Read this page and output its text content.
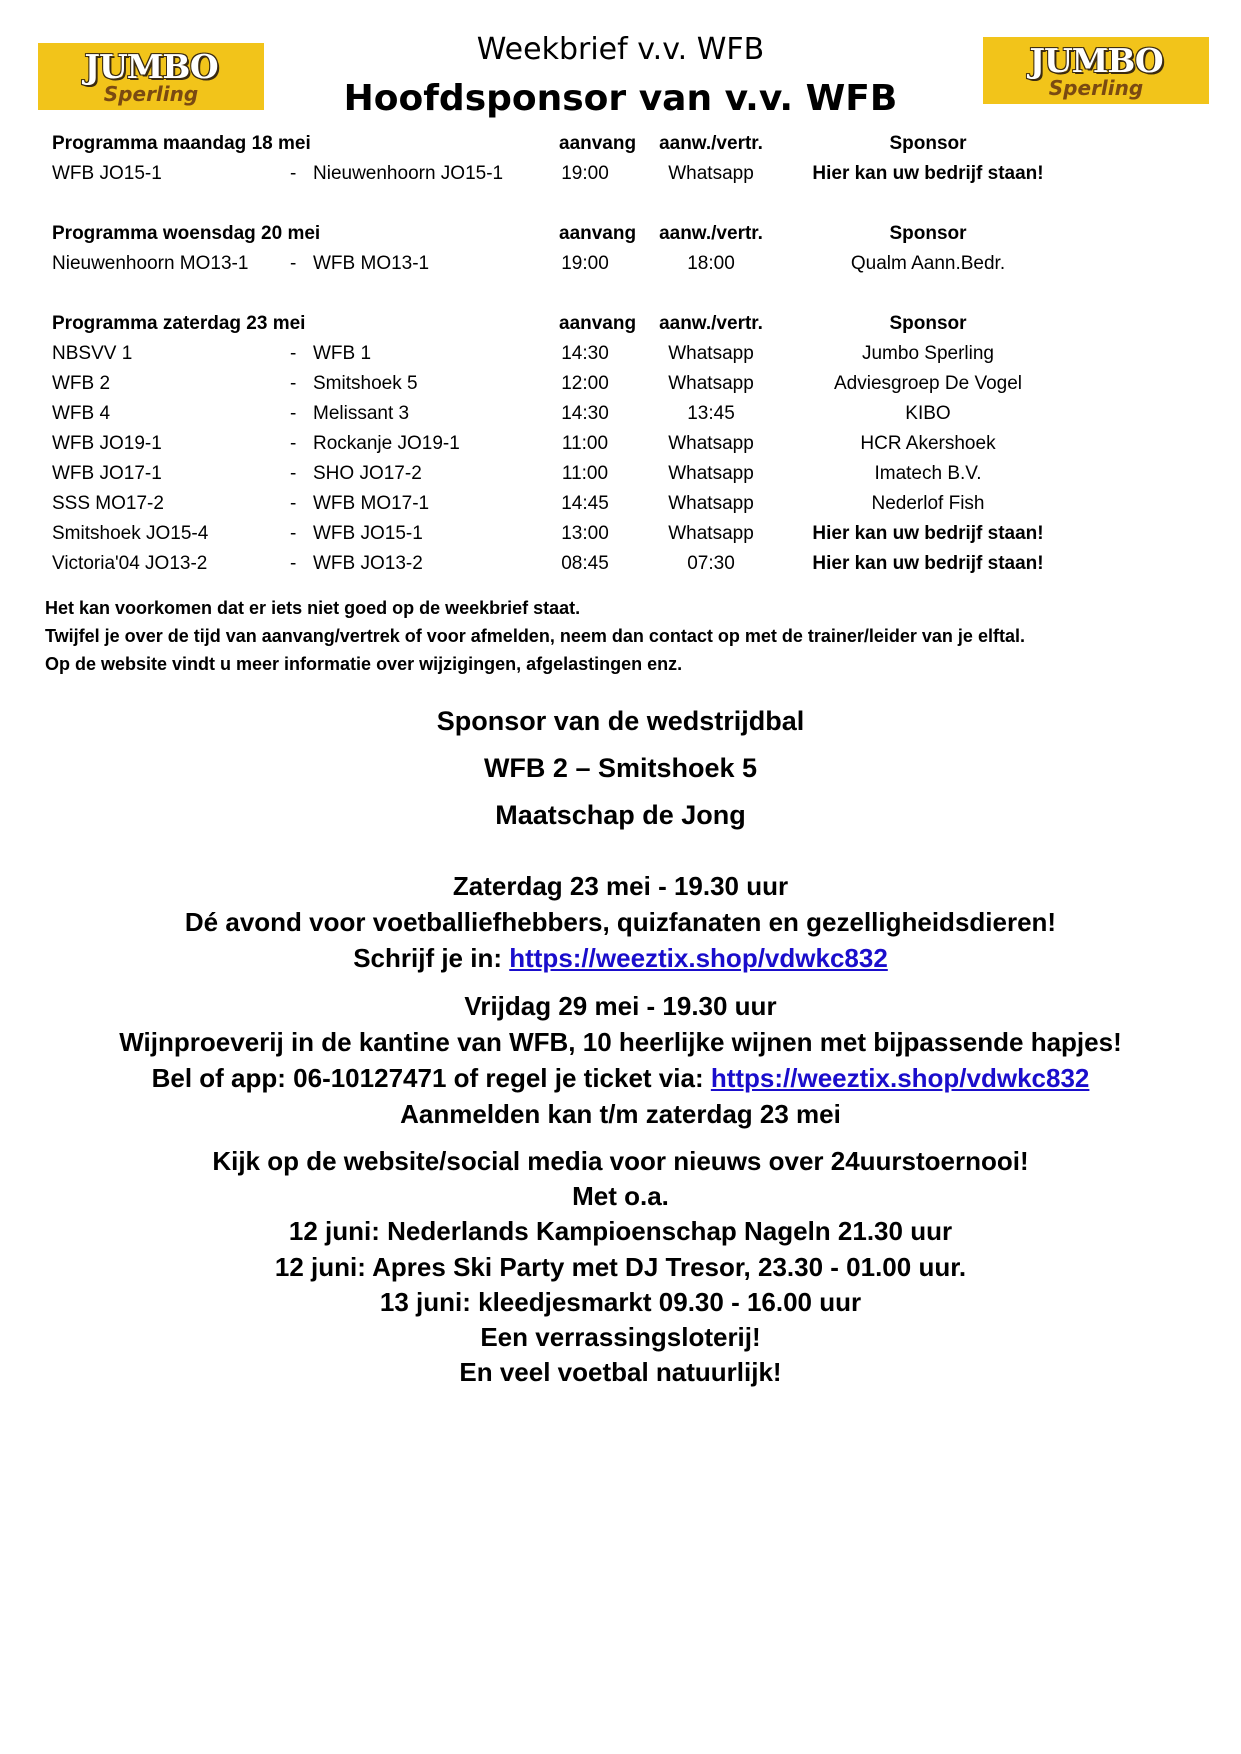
JUMBO
Sperling
JUMBO
Sperling
Weekbrief v.v. WFB
Hoofdsponsor van v.v. WFB
Programma maandag 18 mei	aanvang	aanw./vertr.	Sponsor
WFB JO15-1	- Nieuwenhoorn JO15-1	19:00	Whatsapp	Hier kan uw bedrijf staan!
Programma woensdag 20 mei	aanvang	aanw./vertr.	Sponsor
Nieuwenhoorn MO13-1 - WFB MO13-1	19:00	18:00	Qualm Aann.Bedr.
Programma zaterdag 23 mei	aanvang	aanw./vertr.	Sponsor
NBSVV 1	- WFB 1	14:30	Whatsapp	Jumbo Sperling
WFB 2	- Smitshoek 5	12:00	Whatsapp	Adviesgroep De Vogel
WFB 4	- Melissant 3	14:30	13:45	KIBO
WFB JO19-1	- Rockanje JO19-1	11:00	Whatsapp	HCR Akershoek
WFB JO17-1	- SHO JO17-2	11:00	Whatsapp	Imatech B.V.
SSS MO17-2	- WFB MO17-1	14:45	Whatsapp	Nederlof Fish
Smitshoek JO15-4	- WFB JO15-1	13:00	Whatsapp	Hier kan uw bedrijf staan!
Victoria'04 JO13-2	- WFB JO13-2	08:45	07:30	Hier kan uw bedrijf staan!
Het kan voorkomen dat er iets niet goed op de weekbrief staat.
Twijfel je over de tijd van aanvang/vertrek of voor afmelden, neem dan contact op met de trainer/leider van je elftal.
Op de website vindt u meer informatie over wijzigingen, afgelastingen enz.
Sponsor van de wedstrijdbal
WFB 2 – Smitshoek 5
Maatschap de Jong
Zaterdag 23 mei - 19.30 uur
Dé avond voor voetballiefhebbers, quizfanaten en gezelligheidsdieren!
Schrijf je in: https://weeztix.shop/vdwkc832
Vrijdag 29 mei - 19.30 uur
Wijnproeverij in de kantine van WFB, 10 heerlijke wijnen met bijpassende hapjes!
Bel of app: 06-10127471 of regel je ticket via: https://weeztix.shop/vdwkc832
Aanmelden kan t/m zaterdag 23 mei
Kijk op de website/social media voor nieuws over 24uurstoernooi!
Met o.a.
12 juni: Nederlands Kampioenschap Nageln 21.30 uur
12 juni: Apres Ski Party met DJ Tresor, 23.30 - 01.00 uur.
13 juni: kleedjesmarkt 09.30 - 16.00 uur
Een verrassingsloterij!
En veel voetbal natuurlijk!
